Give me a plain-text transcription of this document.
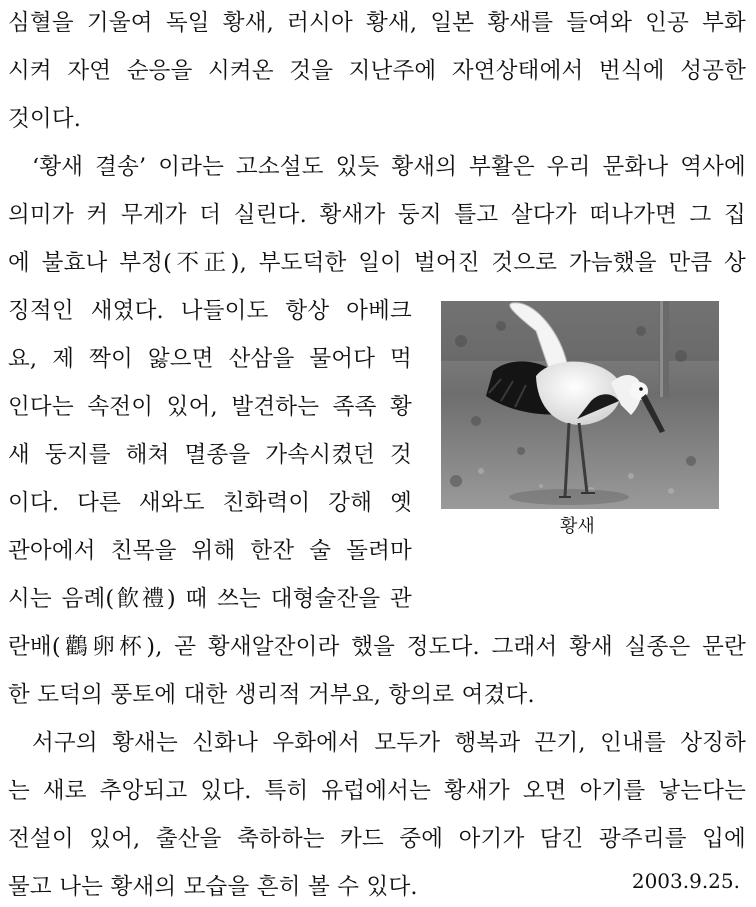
심혈을 기울여 독일 황새, 러시아 황새, 일본 황새를 들여와 인공 부화
시켜 자연 순응을 시켜온 것을 지난주에 자연상태에서 번식에 성공한
것이다.
‘황새 결송’ 이라는 고소설도 있듯 황새의 부활은 우리 문화나 역사에
의미가 커 무게가 더 실린다. 황새가 둥지 틀고 살다가 떠나가면 그 집
에 불효나 부정(不正), 부도덕한 일이 벌어진 것으로 가늠했을 만큼 상
징적인 새였다. 나들이도 항상 아베크
요, 제 짝이 앓으면 산삼을 물어다 먹
인다는 속전이 있어, 발견하는 족족 황
새 둥지를 해쳐 멸종을 가속시켰던 것
이다. 다른 새와도 친화력이 강해 옛
관아에서 친목을 위해 한잔 술 돌려마
시는 음례(飮禮) 때 쓰는 대형술잔을 관
란배(鸛卵杯), 곧 황새알잔이라 했을 정도다. 그래서 황새 실종은 문란
한 도덕의 풍토에 대한 생리적 거부요, 항의로 여겼다.
서구의 황새는 신화나 우화에서 모두가 행복과 끈기, 인내를 상징하
는 새로 추앙되고 있다. 특히 유럽에서는 황새가 오면 아기를 낳는다는
전설이 있어, 출산을 축하하는 카드 중에 아기가 담긴 광주리를 입에
물고 나는 황새의 모습을 흔히 볼 수 있다.
황새
2003.9.25.
